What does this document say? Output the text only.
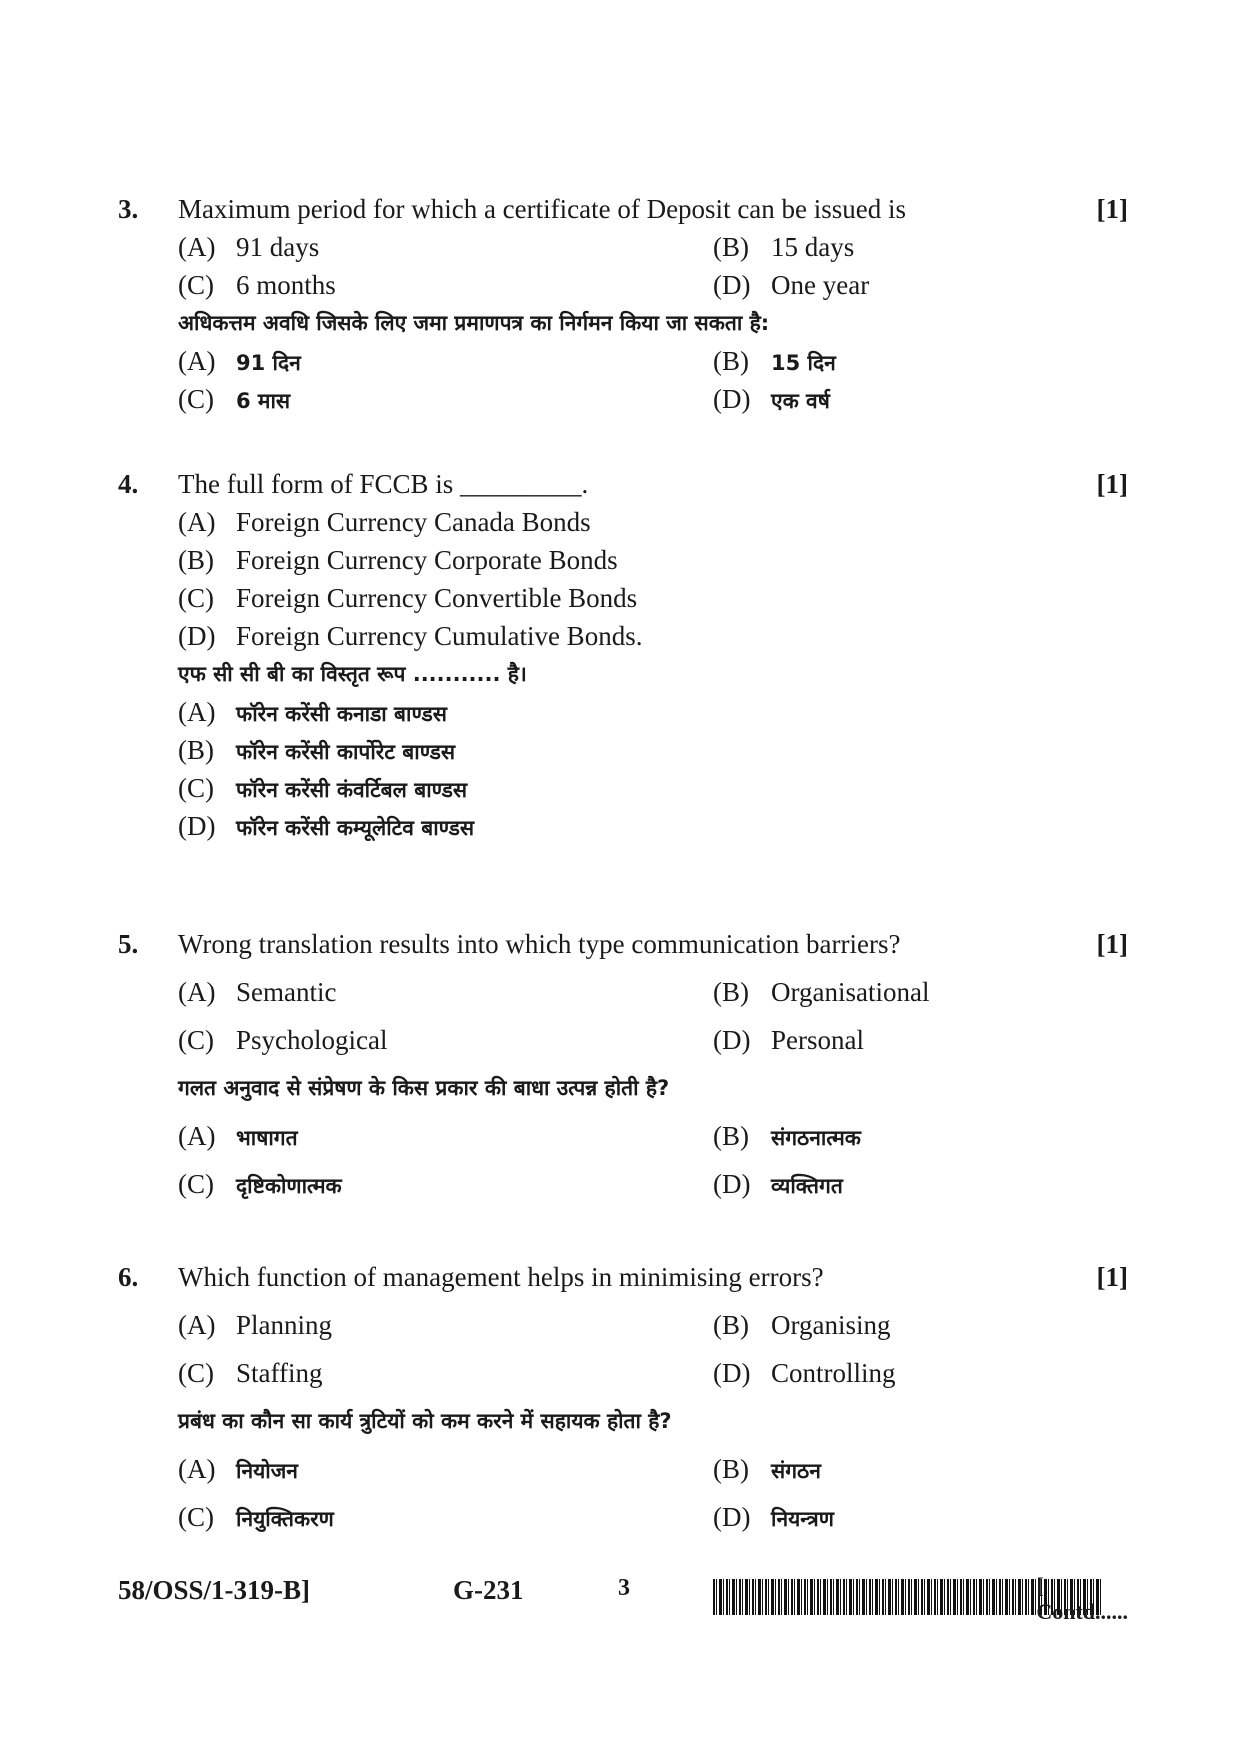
3. Maximum period for which a certificate of Deposit can be issued is	[1]
(A) 91 days	(B) 15 days
(C) 6 months	(D) One year
अधिकत्तम अवधि जिसके लिए जमा प्रमाणपत्र का निर्गमन किया जा सकता है:
(A) 91 दिन	(B) 15 दिन
(C) 6 मास	(D) एक वर्ष
4. The full form of FCCB is _________.	[1]
(A) Foreign Currency Canada Bonds
(B) Foreign Currency Corporate Bonds
(C) Foreign Currency Convertible Bonds
(D) Foreign Currency Cumulative Bonds.
एफ सी सी बी का विस्तृत रूप ........... है।
(A) फॉरेन करेंसी कनाडा बाण्डस
(B) फॉरेन करेंसी कार्पोरेट बाण्डस
(C) फॉरेन करेंसी कंवर्टिबल बाण्डस
(D) फॉरेन करेंसी कम्यूलेटिव बाण्डस
5. Wrong translation results into which type communication barriers?	[1]
(A) Semantic	(B) Organisational
(C) Psychological	(D) Personal
गलत अनुवाद से संप्रेषण के किस प्रकार की बाधा उत्पन्न होती है?
(A) भाषागत	(B) संगठनात्मक
(C) दृष्टिकोणात्मक	(D) व्यक्तिगत
6. Which function of management helps in minimising errors?	[1]
(A) Planning	(B) Organising
(C) Staffing	(D) Controlling
प्रबंध का कौन सा कार्य त्रुटियों को कम करने में सहायक होता है?
(A) नियोजन	(B) संगठन
(C) नियुक्तिकरण	(D) नियन्त्रण
58/OSS/1-319-B]	G-231	3	[ Contd......
